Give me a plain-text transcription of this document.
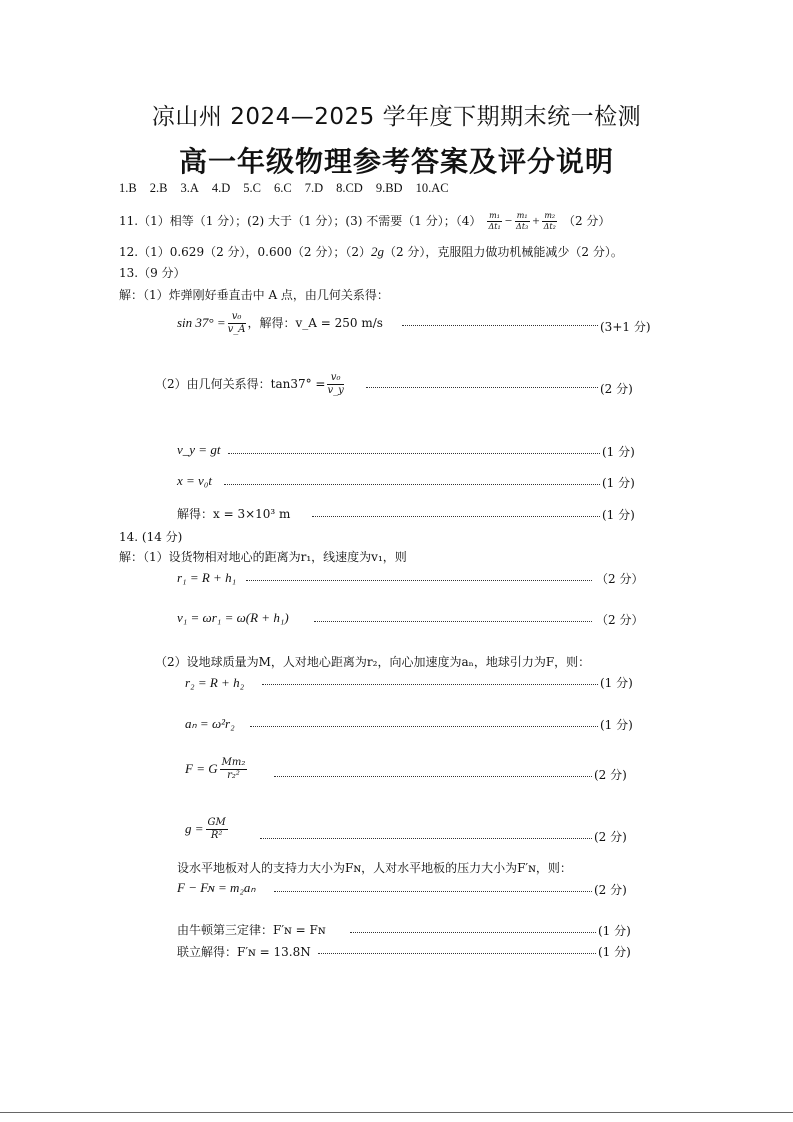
凉山州 2024—2025 学年度下期期末统一检测
高一年级物理参考答案及评分说明
1.B 2.B 3.A 4.D 5.C 6.C 7.D 8.CD 9.BD 10.AC
11.（1）相等（1 分）；(2) 大于（1 分）；(3) 不需要（1 分）；$(4) \frac{\text{m₁}}{\text{Δt₁}} - \frac{\text{m₁}}{\text{Δt₃}} + \frac{\text{m₂}}{\text{Δt₂}} (2$ 分）
12.（1）0.629（2 分），0.600（2 分）；（2）2g（2 分），克服阻力做功机械能减少（2 分）。
13.（9 分）
解：（1）炸弹刚好垂直击中 A 点，由几何关系得：
$\sin 37^\circ = \frac{\text{v₀}}{v\_A}$ ，解得：v_A = 250 m/s	(3+1 分)
（2）由几何关系得：$\tan 37^\circ = \frac{\text{v₀}}{v\_y}$	(2 分)
v_y = gt	(1 分)
x = v₀t	(1 分)
解得：x = 3×10³ m	(1 分)
14. (14 分)
解：（1）设货物相对地心的距离为r₁，线速度为v₁，则
r₁ = R + h₁	（2 分）
v₁ = ωr₁ = ω(R + h₁)	（2 分）
（2）设地球质量为M，人对地心距离为r₂，向心加速度为aₙ，地球引力为F，则：
r₂ = R + h₂	(1 分)
aₙ = ω²r₂	(1 分)
F = G $\frac{\text{Mm₂}}{\text{r₂²}}$	(2 分)
$g = \frac{GM}{\text{R²}}$	(2 分)
设水平地板对人的支持力大小为Fɴ，人对水平地板的压力大小为F′ɴ，则：
F − Fɴ = m₂aₙ	(2 分)
由牛顿第三定律：F′ɴ = Fɴ	(1 分)
联立解得：F′ɴ = 13.8N	(1 分)
